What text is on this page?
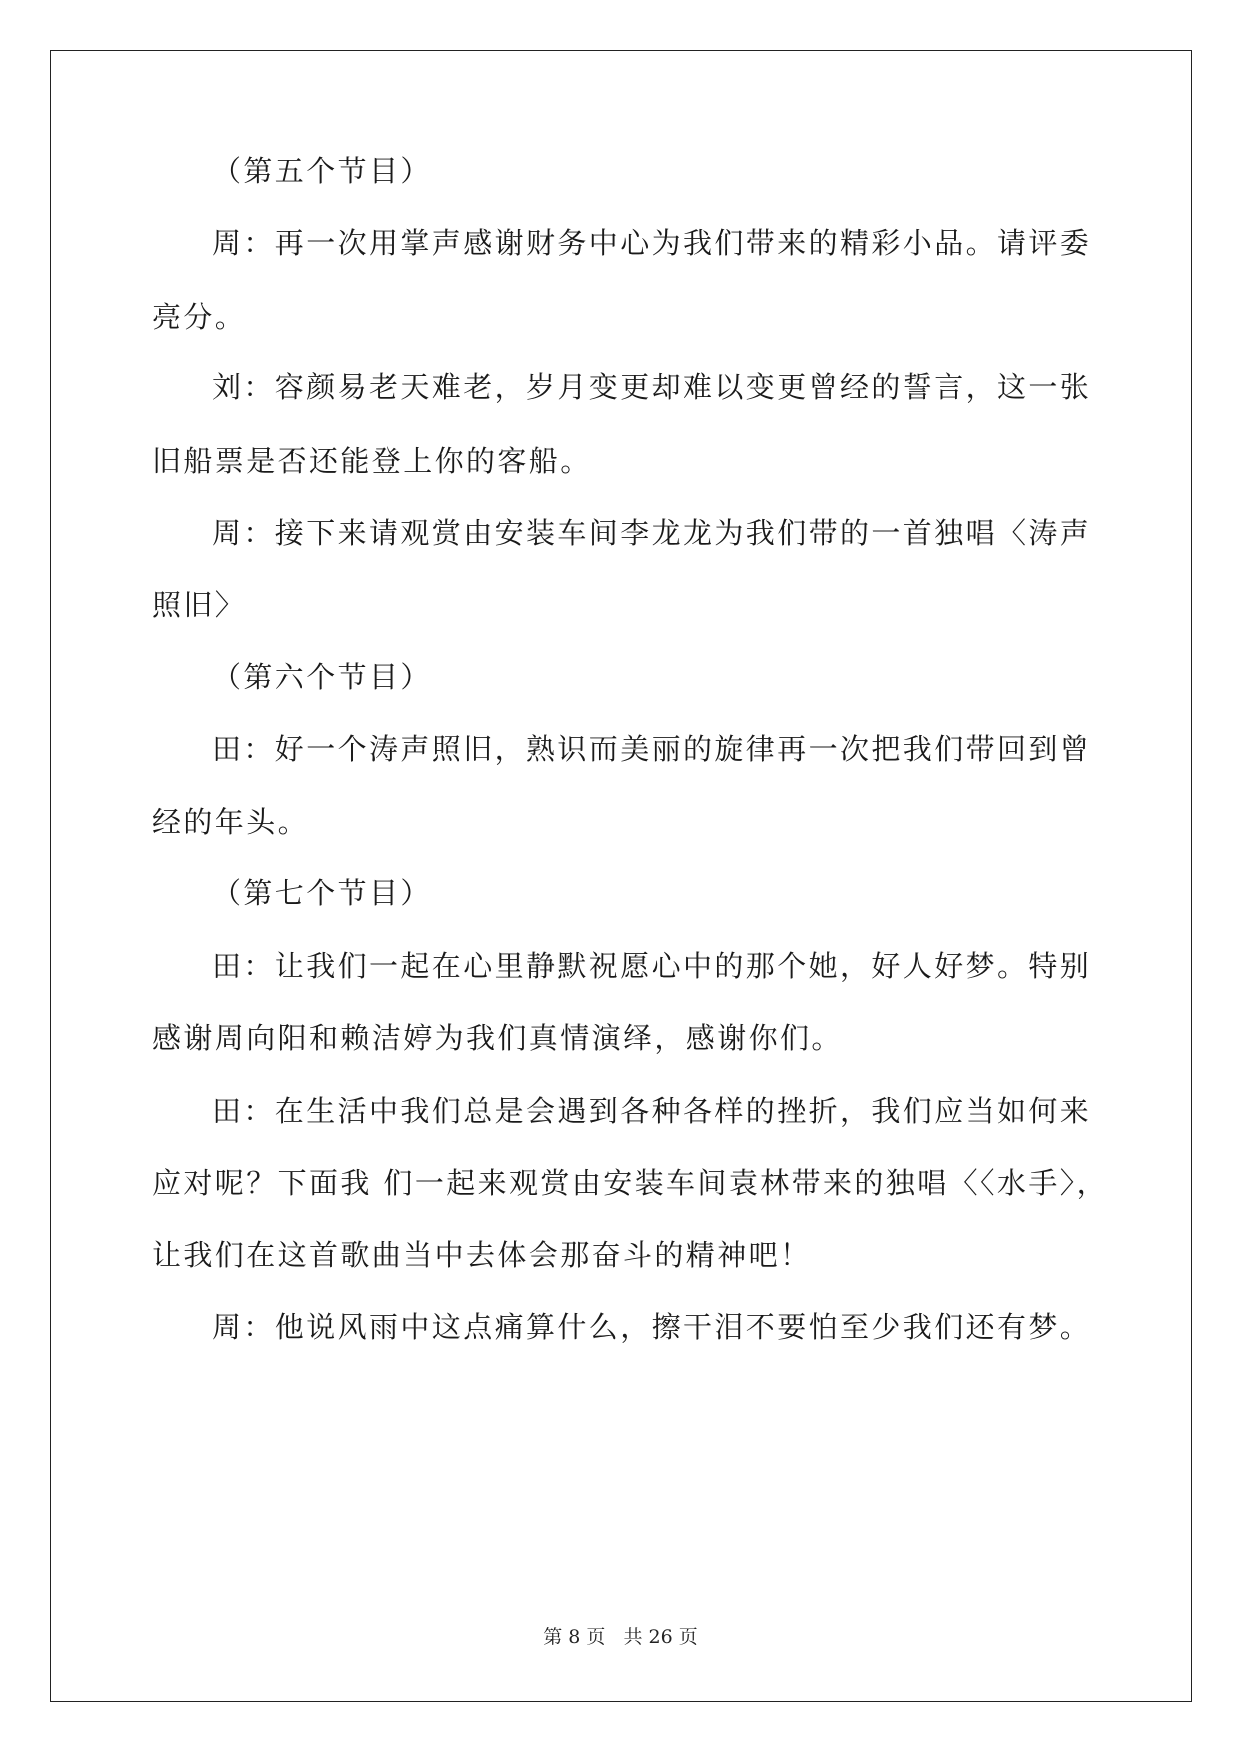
（第五个节目）
周：再一次用掌声感谢财务中心为我们带来的精彩小品。请评委
亮分。
刘：容颜易老天难老，岁月变更却难以变更曾经的誓言，这一张
旧船票是否还能登上你的客船。
周：接下来请观赏由安装车间李龙龙为我们带的一首独唱〈涛声
照旧〉
（第六个节目）
田：好一个涛声照旧，熟识而美丽的旋律再一次把我们带回到曾
经的年头。
（第七个节目）
田：让我们一起在心里静默祝愿心中的那个她，好人好梦。特别
感谢周向阳和赖洁婷为我们真情演绎，感谢你们。
田：在生活中我们总是会遇到各种各样的挫折，我们应当如何来
应对呢？下面我 们一起来观赏由安装车间袁林带来的独唱〈〈水手〉，
让我们在这首歌曲当中去体会那奋斗的精神吧！
周：他说风雨中这点痛算什么，擦干泪不要怕至少我们还有梦。
第 8 页 共 26 页
